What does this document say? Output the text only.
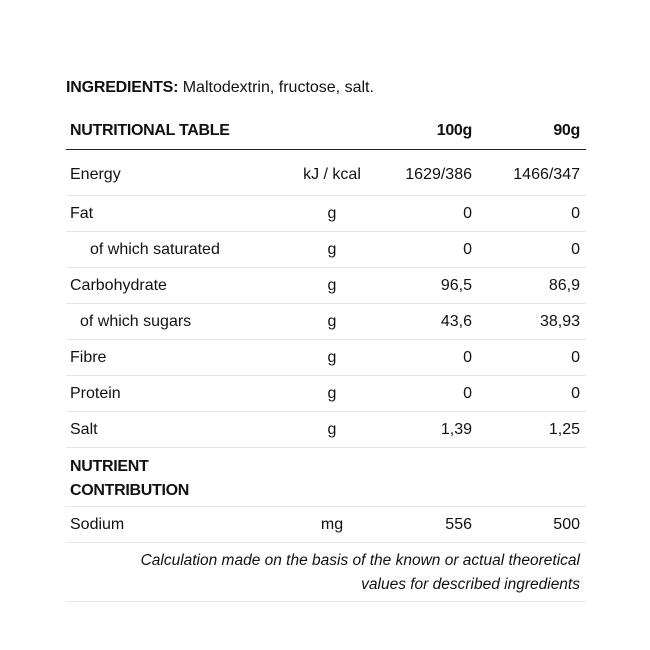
INGREDIENTS: Maltodextrin, fructose, salt.
NUTRITIONAL TABLE	100g	90g
Energy	kJ / kcal	1629/386	1466/347
Fat	g	0	0
of which saturated	g	0	0
Carbohydrate	g	96,5	86,9
of which sugars	g	43,6	38,93
Fibre	g	0	0
Protein	g	0	0
Salt	g	1,39	1,25
NUTRIENT
CONTRIBUTION
Sodium	mg	556	500
Calculation made on the basis of the known or actual theoretical
values for described ingredients
